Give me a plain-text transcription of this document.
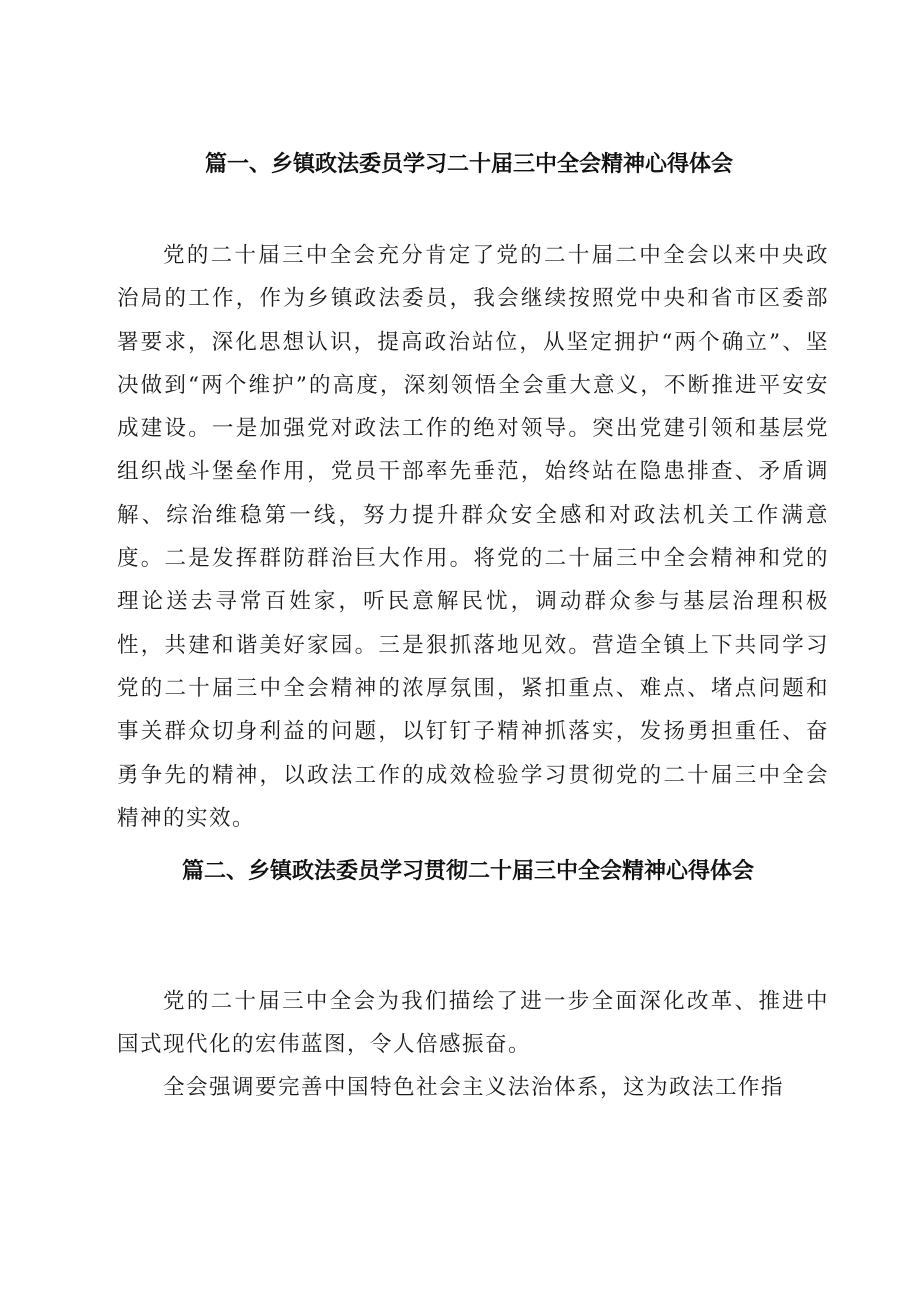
篇一、乡镇政法委员学习二十届三中全会精神心得体会

党的二十届三中全会充分肯定了党的二十届二中全会以来中央政治局的工作，作为乡镇政法委员，我会继续按照党中央和省市区委部署要求，深化思想认识，提高政治站位，从坚定拥护“两个确立”、坚决做到“两个维护”的高度，深刻领悟全会重大意义，不断推进平安安成建设。一是加强党对政法工作的绝对领导。突出党建引领和基层党组织战斗堡垒作用，党员干部率先垂范，始终站在隐患排查、矛盾调解、综治维稳第一线，努力提升群众安全感和对政法机关工作满意度。二是发挥群防群治巨大作用。将党的二十届三中全会精神和党的理论送去寻常百姓家，听民意解民忧，调动群众参与基层治理积极性，共建和谐美好家园。三是狠抓落地见效。营造全镇上下共同学习党的二十届三中全会精神的浓厚氛围，紧扣重点、难点、堵点问题和事关群众切身利益的问题，以钉钉子精神抓落实，发扬勇担重任、奋勇争先的精神，以政法工作的成效检验学习贯彻党的二十届三中全会精神的实效。

篇二、乡镇政法委员学习贯彻二十届三中全会精神心得体会

党的二十届三中全会为我们描绘了进一步全面深化改革、推进中国式现代化的宏伟蓝图，令人倍感振奋。

全会强调要完善中国特色社会主义法治体系，这为政法工作指
